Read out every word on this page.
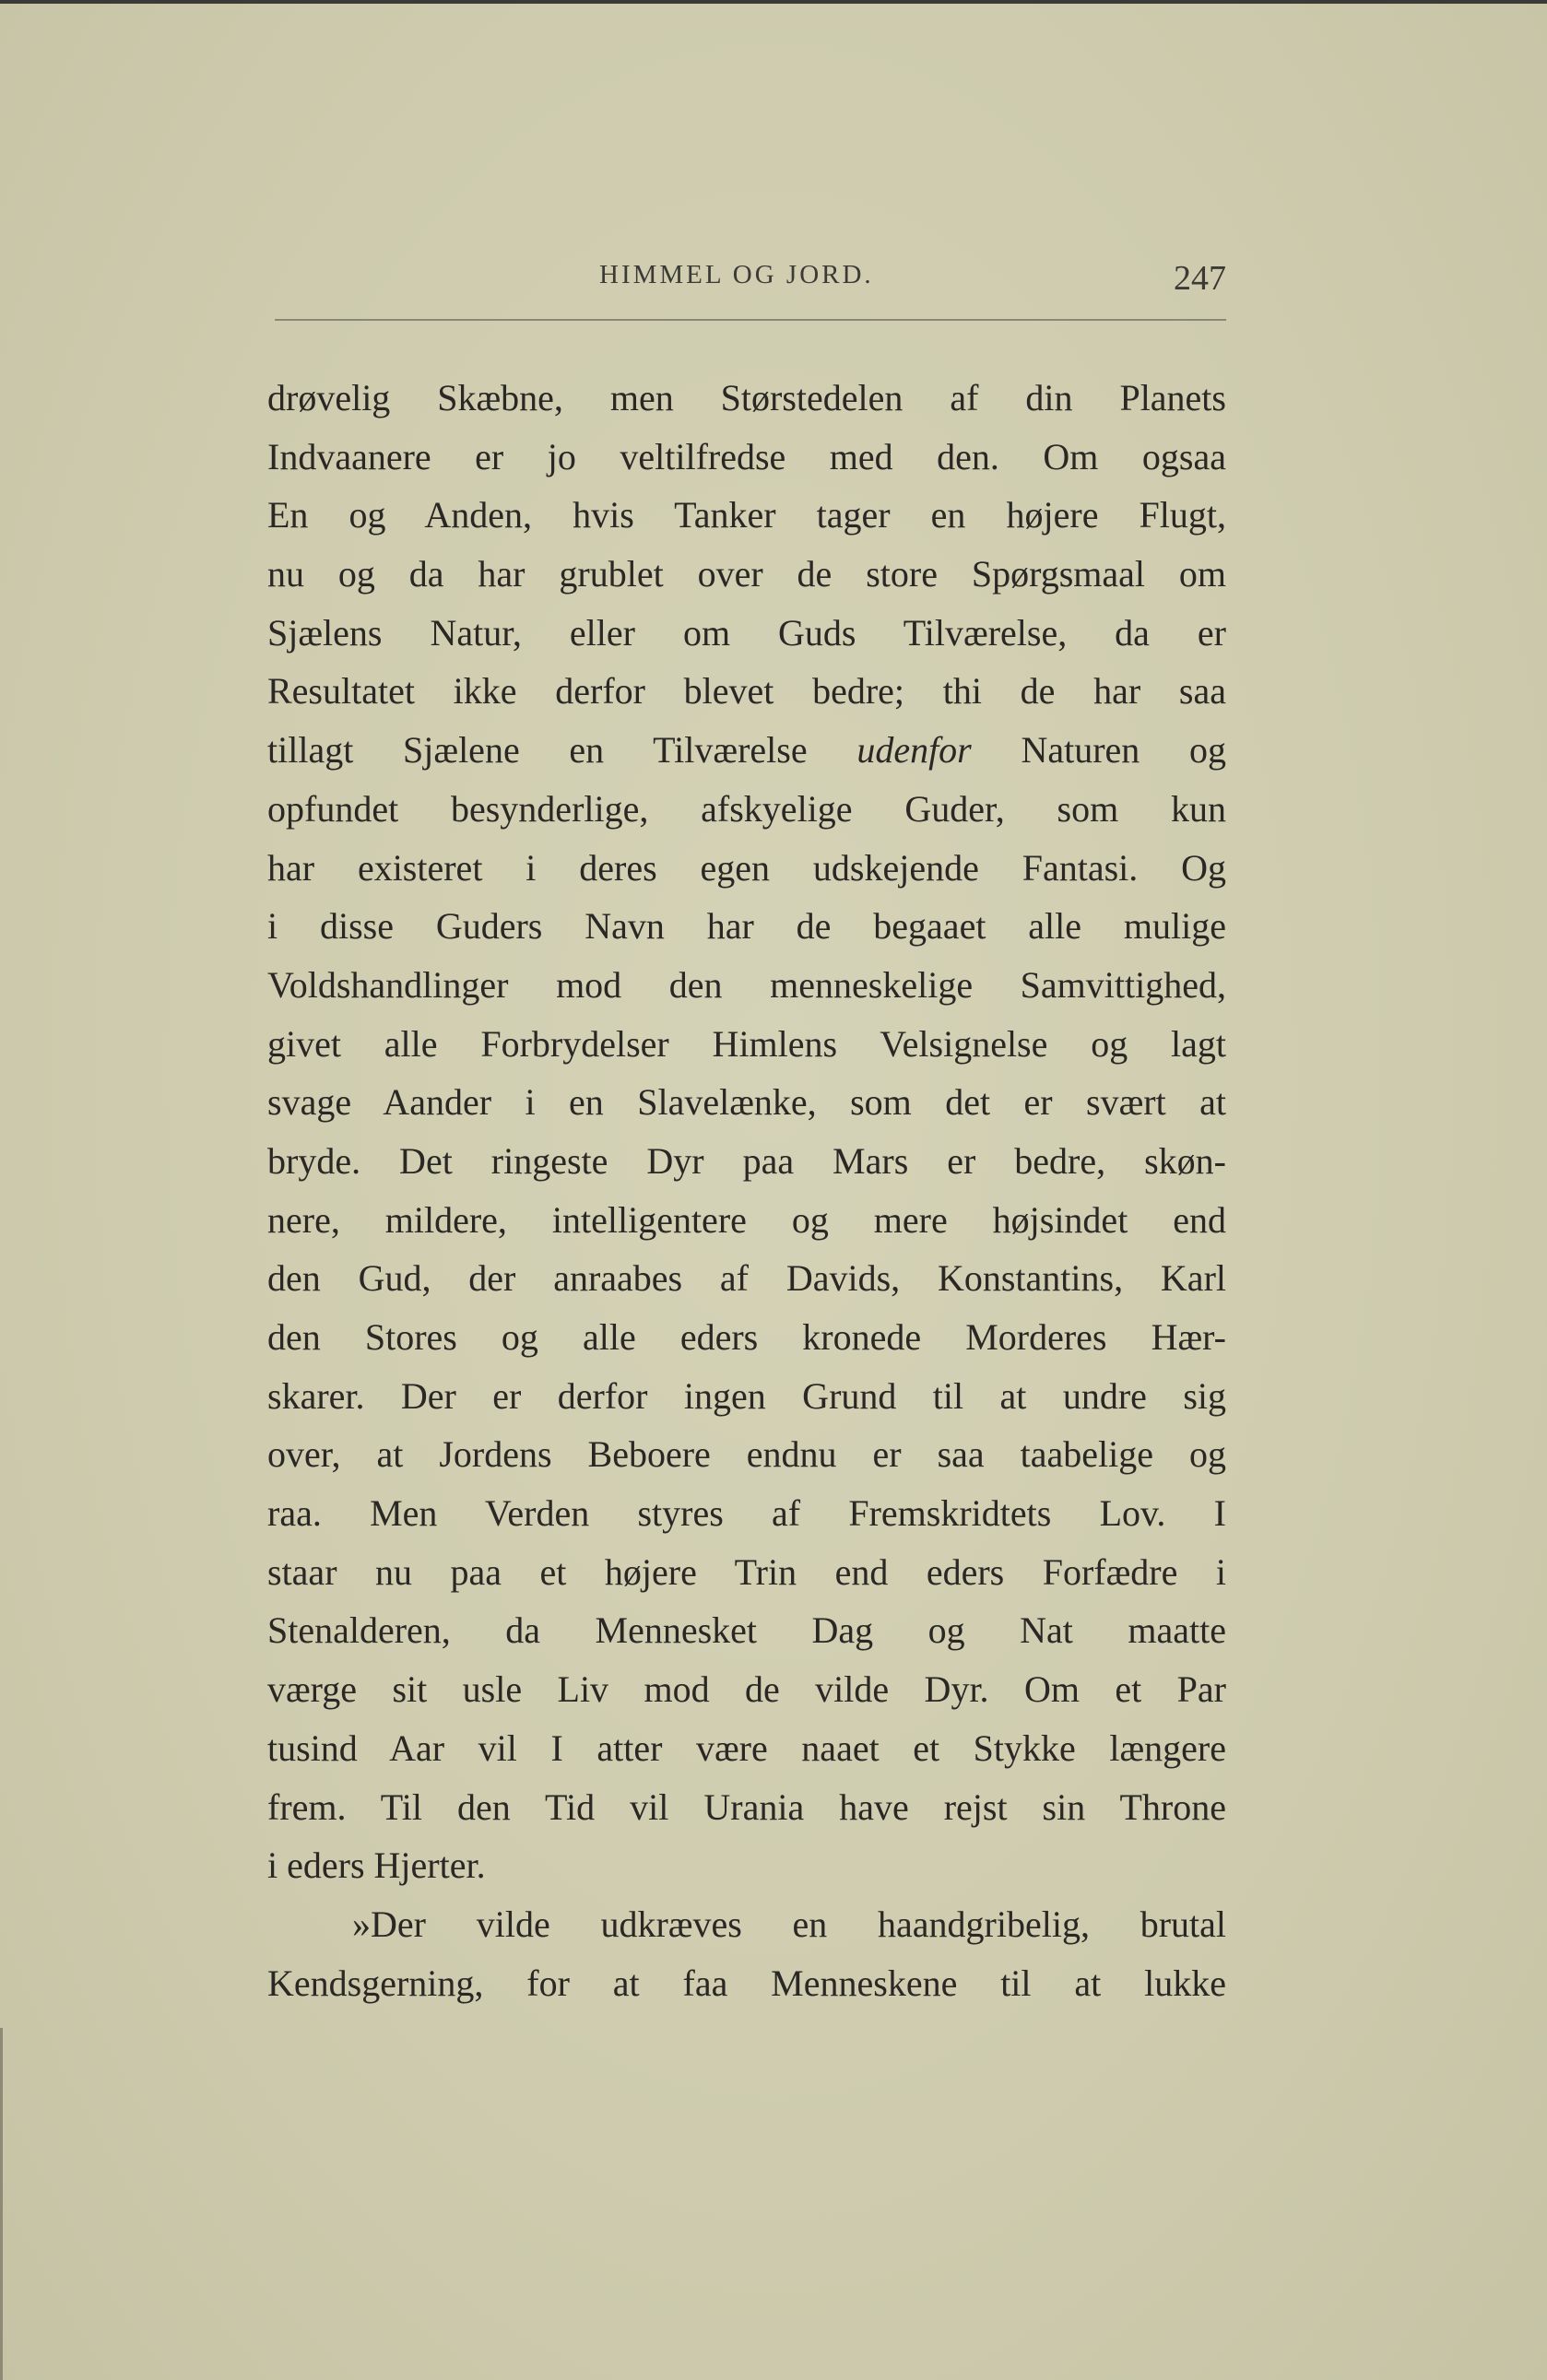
HIMMEL OG JORD.	247
drøvelig Skæbne, men Størstedelen af din Planets
Indvaanere er jo veltilfredse med den. Om ogsaa
En og Anden, hvis Tanker tager en højere Flugt,
nu og da har grublet over de store Spørgsmaal om
Sjælens Natur, eller om Guds Tilværelse, da er
Resultatet ikke derfor blevet bedre; thi de har saa
tillagt Sjælene en Tilværelse udenfor Naturen og
opfundet besynderlige, afskyelige Guder, som kun
har existeret i deres egen udskejende Fantasi. Og
i disse Guders Navn har de begaaet alle mulige
Voldshandlinger mod den menneskelige Samvittighed,
givet alle Forbrydelser Himlens Velsignelse og lagt
svage Aander i en Slavelænke, som det er svært at
bryde. Det ringeste Dyr paa Mars er bedre, skøn-
nere, mildere, intelligentere og mere højsindet end
den Gud, der anraabes af Davids, Konstantins, Karl
den Stores og alle eders kronede Morderes Hær-
skarer. Der er derfor ingen Grund til at undre sig
over, at Jordens Beboere endnu er saa taabelige og
raa. Men Verden styres af Fremskridtets Lov. I
staar nu paa et højere Trin end eders Forfædre i
Stenalderen, da Mennesket Dag og Nat maatte
værge sit usle Liv mod de vilde Dyr. Om et Par
tusind Aar vil I atter være naaet et Stykke længere
frem. Til den Tid vil Urania have rejst sin Throne
i eders Hjerter.
»Der vilde udkræves en haandgribelig, brutal
Kendsgerning, for at faa Menneskene til at lukke
